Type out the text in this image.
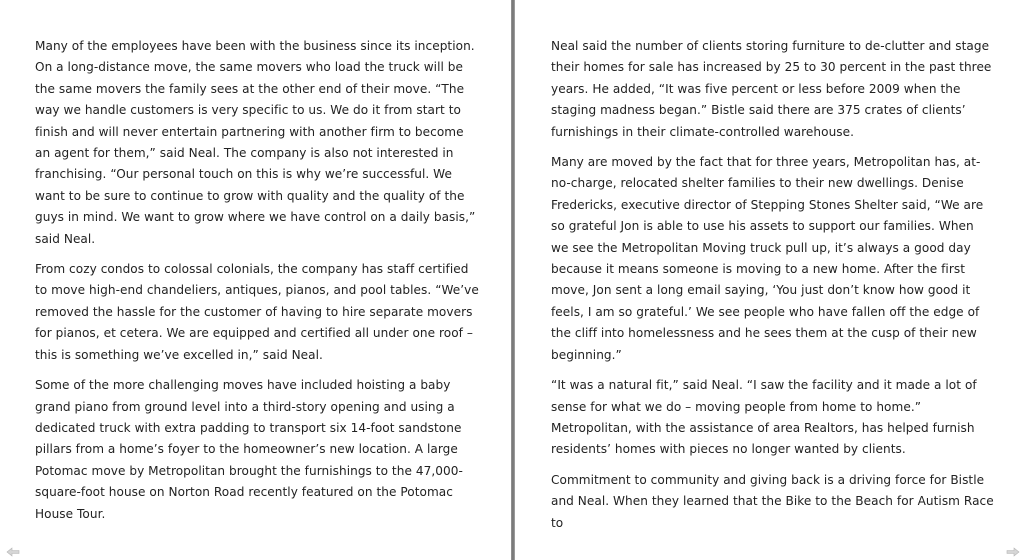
Many of the employees have been with the business since its inception. On a long-distance move, the same movers who load the truck will be the same movers the family sees at the other end of their move. “The way we handle customers is very specific to us. We do it from start to finish and will never entertain partnering with another firm to become an agent for them,” said Neal. The company is also not interested in franchising. “Our personal touch on this is why we’re successful. We want to be sure to continue to grow with quality and the quality of the guys in mind. We want to grow where we have control on a daily basis,” said Neal.

From cozy condos to colossal colonials, the company has staff certified to move high-end chandeliers, antiques, pianos, and pool tables. “We’ve removed the hassle for the customer of having to hire separate movers for pianos, et cetera. We are equipped and certified all under one roof – this is something we’ve excelled in,” said Neal.

Some of the more challenging moves have included hoisting a baby grand piano from ground level into a third-story opening and using a dedicated truck with extra padding to transport six 14-foot sandstone pillars from a home’s foyer to the homeowner’s new location. A large Potomac move by Metropolitan brought the furnishings to the 47,000-square-foot house on Norton Road recently featured on the Potomac House Tour.

Neal said the number of clients storing furniture to de-clutter and stage their homes for sale has increased by 25 to 30 percent in the past three years. He added, “It was five percent or less before 2009 when the staging madness began.” Bistle said there are 375 crates of clients’ furnishings in their climate-controlled warehouse.

Many are moved by the fact that for three years, Metropolitan has, at-no-charge, relocated shelter families to their new dwellings. Denise Fredericks, executive director of Stepping Stones Shelter said, “We are so grateful Jon is able to use his assets to support our families. When we see the Metropolitan Moving truck pull up, it’s always a good day because it means someone is moving to a new home. After the first move, Jon sent a long email saying, ‘You just don’t know how good it feels, I am so grateful.’ We see people who have fallen off the edge of the cliff into homelessness and he sees them at the cusp of their new beginning.”

“It was a natural fit,” said Neal. “I saw the facility and it made a lot of sense for what we do – moving people from home to home.” Metropolitan, with the assistance of area Realtors, has helped furnish residents’ homes with pieces no longer wanted by clients.

Commitment to community and giving back is a driving force for Bistle and Neal. When they learned that the Bike to the Beach for Autism Race to
